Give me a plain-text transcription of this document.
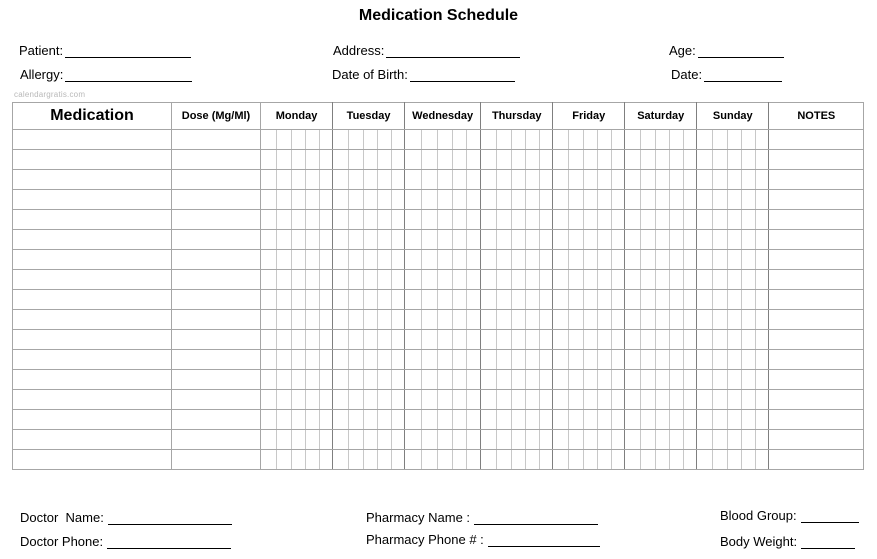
Medication Schedule
Patient:	Address:	Age:
Allergy:	Date of Birth:	Date:
calendargratis.com
Medication	Dose (Mg/Ml)	Monday					Tuesday					Wednesday					Thursday					Friday					Saturday					Sunday					NOTES

Doctor  Name:
Doctor Phone:
Pharmacy Name :
Pharmacy Phone # :
Blood Group:
Body Weight:
